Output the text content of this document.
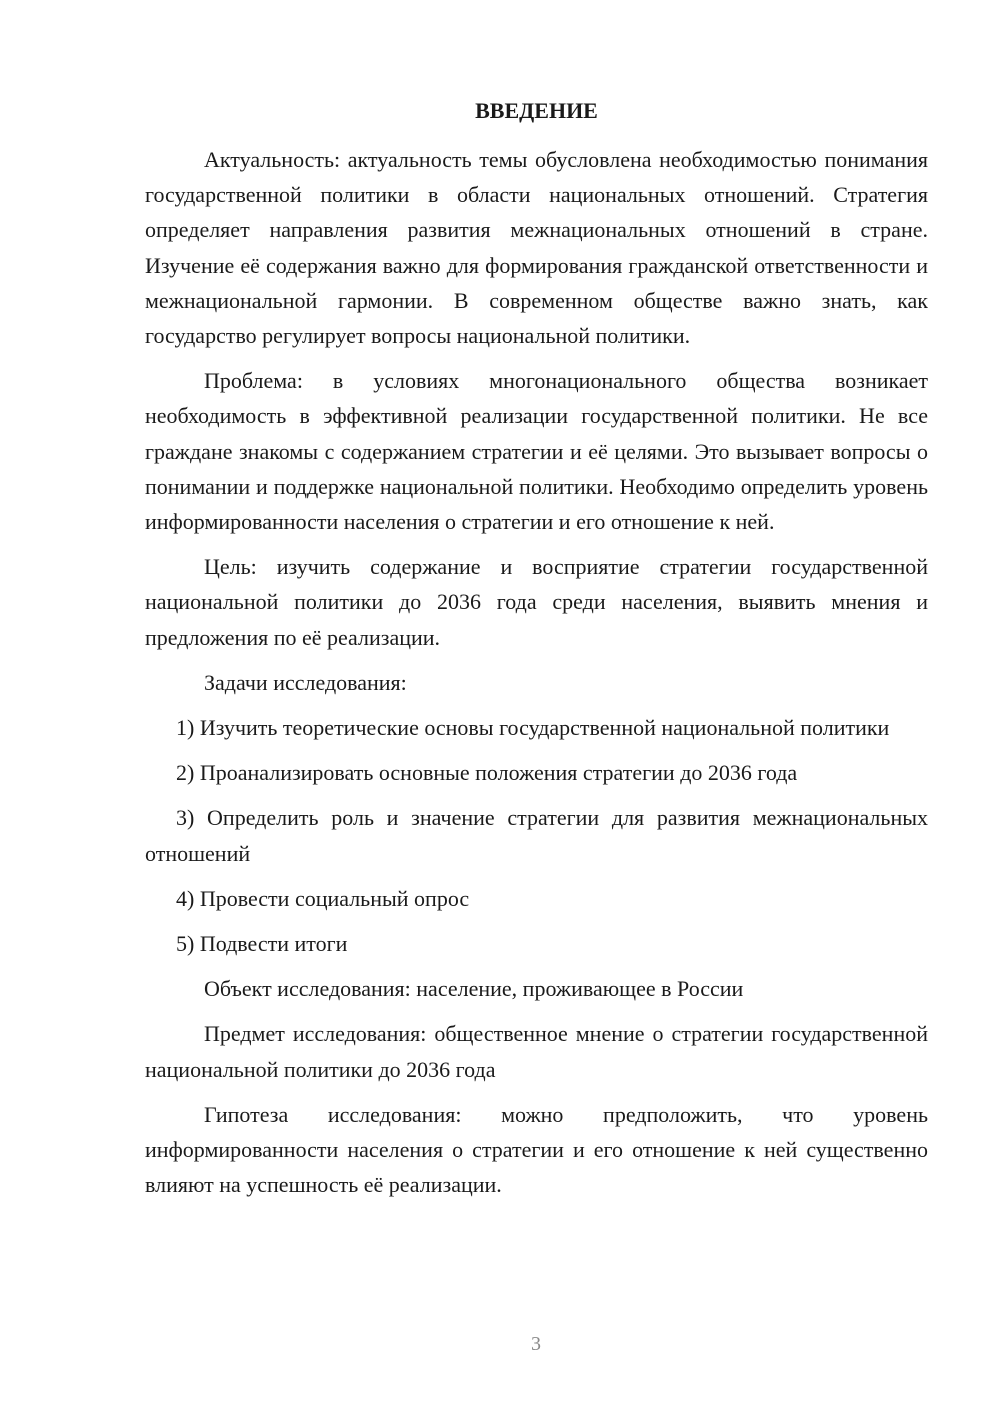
ВВЕДЕНИЕ

Актуальность: актуальность темы обусловлена необходимостью понимания государственной политики в области национальных отношений. Стратегия определяет направления развития межнациональных отношений в стране. Изучение её содержания важно для формирования гражданской ответственности и межнациональной гармонии. В современном обществе важно знать, как государство регулирует вопросы национальной политики.

Проблема: в условиях многонационального общества возникает необходимость в эффективной реализации государственной политики. Не все граждане знакомы с содержанием стратегии и её целями. Это вызывает вопросы о понимании и поддержке национальной политики. Необходимо определить уровень информированности населения о стратегии и его отношение к ней.

Цель: изучить содержание и восприятие стратегии государственной национальной политики до 2036 года среди населения, выявить мнения и предложения по её реализации.

Задачи исследования:

1) Изучить теоретические основы государственной национальной политики

2) Проанализировать основные положения стратегии до 2036 года

3) Определить роль и значение стратегии для развития межнациональных отношений

4) Провести социальный опрос

5) Подвести итоги

Объект исследования: население, проживающее в России

Предмет исследования: общественное мнение о стратегии государственной национальной политики до 2036 года

Гипотеза исследования: можно предположить, что уровень информированности населения о стратегии и его отношение к ней существенно влияют на успешность её реализации.

3
